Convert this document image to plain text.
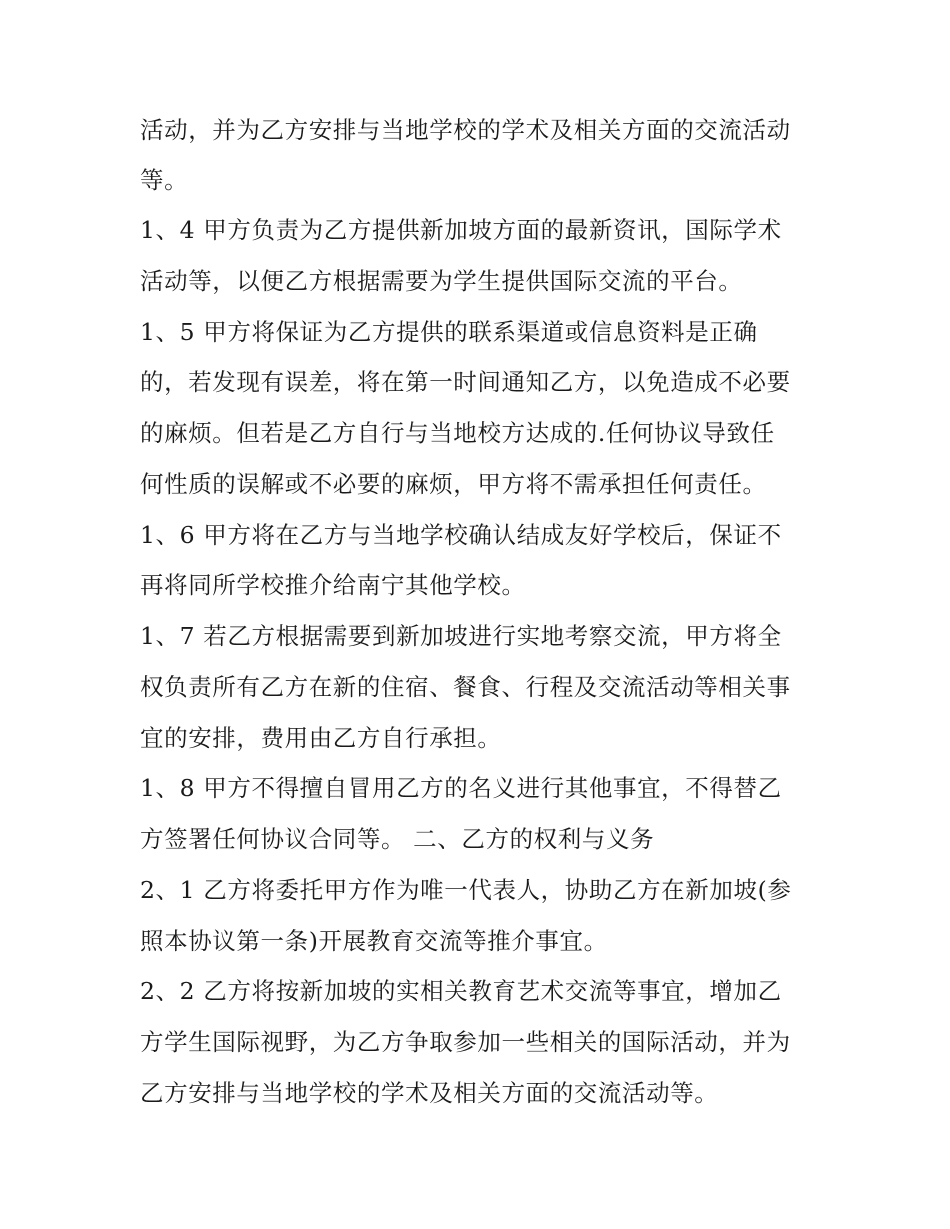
活动，并为乙方安排与当地学校的学术及相关方面的交流活动
等。
1、4 甲方负责为乙方提供新加坡方面的最新资讯，国际学术
活动等，以便乙方根据需要为学生提供国际交流的平台。
1、5 甲方将保证为乙方提供的联系渠道或信息资料是正确
的，若发现有误差，将在第一时间通知乙方，以免造成不必要
的麻烦。但若是乙方自行与当地校方达成的.任何协议导致任
何性质的误解或不必要的麻烦，甲方将不需承担任何责任。
1、6 甲方将在乙方与当地学校确认结成友好学校后，保证不
再将同所学校推介给南宁其他学校。
1、7 若乙方根据需要到新加坡进行实地考察交流，甲方将全
权负责所有乙方在新的住宿、餐食、行程及交流活动等相关事
宜的安排，费用由乙方自行承担。
1、8 甲方不得擅自冒用乙方的名义进行其他事宜，不得替乙
方签署任何协议合同等。 二、乙方的权利与义务
2、1 乙方将委托甲方作为唯一代表人，协助乙方在新加坡(参
照本协议第一条)开展教育交流等推介事宜。
2、2 乙方将按新加坡的实相关教育艺术交流等事宜，增加乙
方学生国际视野，为乙方争取参加一些相关的国际活动，并为
乙方安排与当地学校的学术及相关方面的交流活动等。
